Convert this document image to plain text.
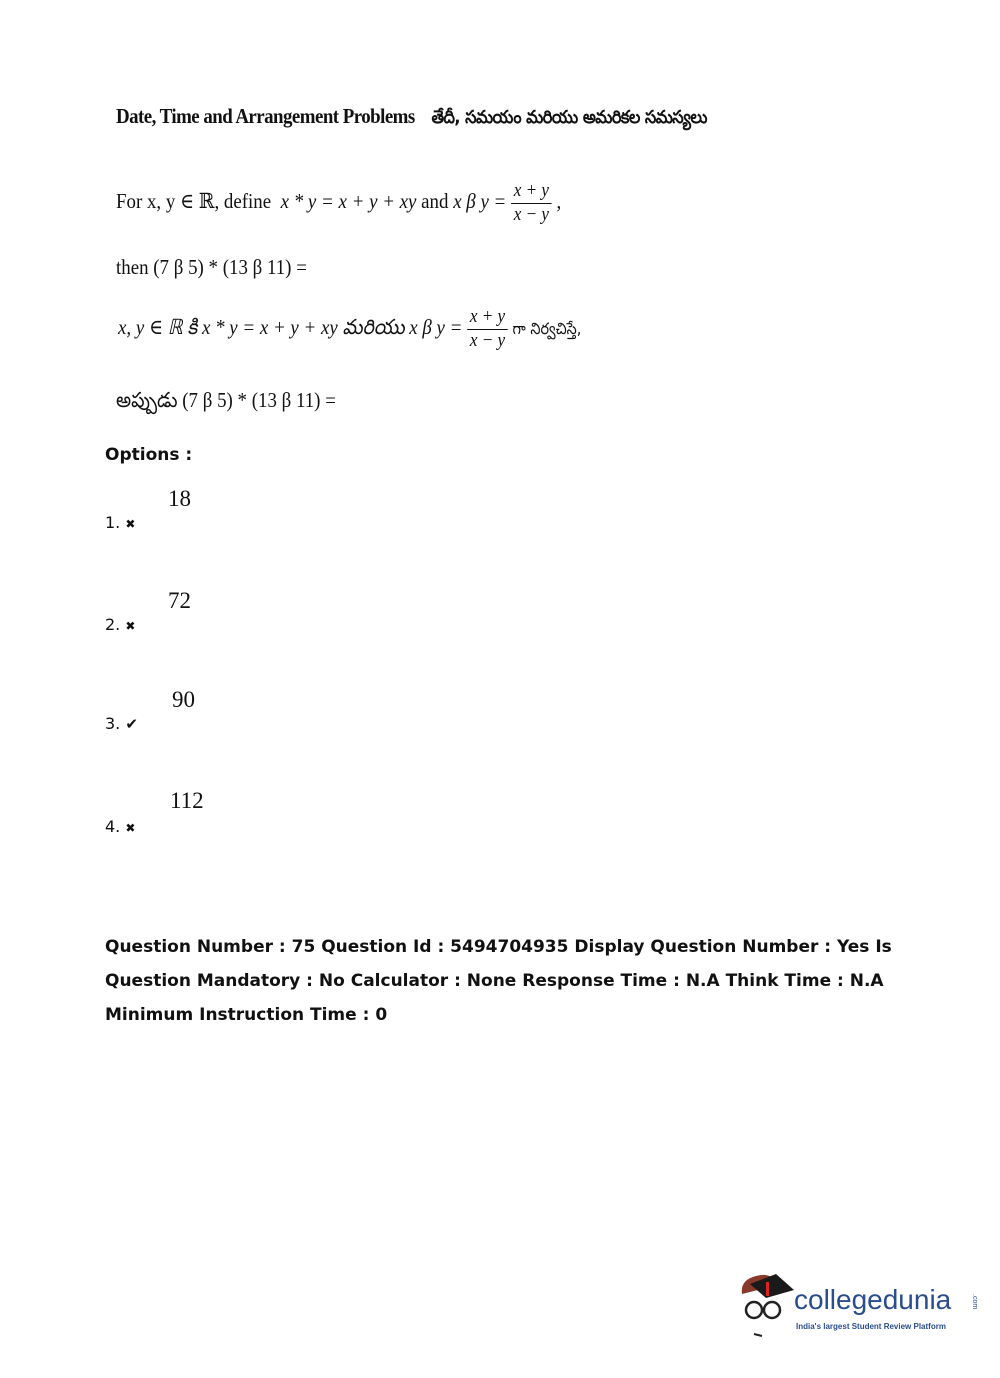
Date, Time and Arrangement Problems తేదీ, సమయం మరియు అమరికల సమస్యలు
For x, y ∈ ℝ, define x * y = x + y + xy and x β $y = \frac{x + y}{x - y}$ ,
then (7 β 5) * (13 β 11) =
x, y ∈ ℝ కి x * y = x + y + xy మరియు x β $y = \frac{x + y}{x - y}$ గా నిర్వచిస్తే,
అప్పుడు (7 β 5) * (13 β 11) =
Options :
18
1. ✖
72
2. ✖
90
3. ✔
112
4. ✖
Question Number : 75 Question Id : 5494704935 Display Question Number : Yes Is Question Mandatory : No Calculator : None Response Time : N.A Think Time : N.A Minimum Instruction Time : 0
collegedunia	.com
India's largest Student Review Platform
